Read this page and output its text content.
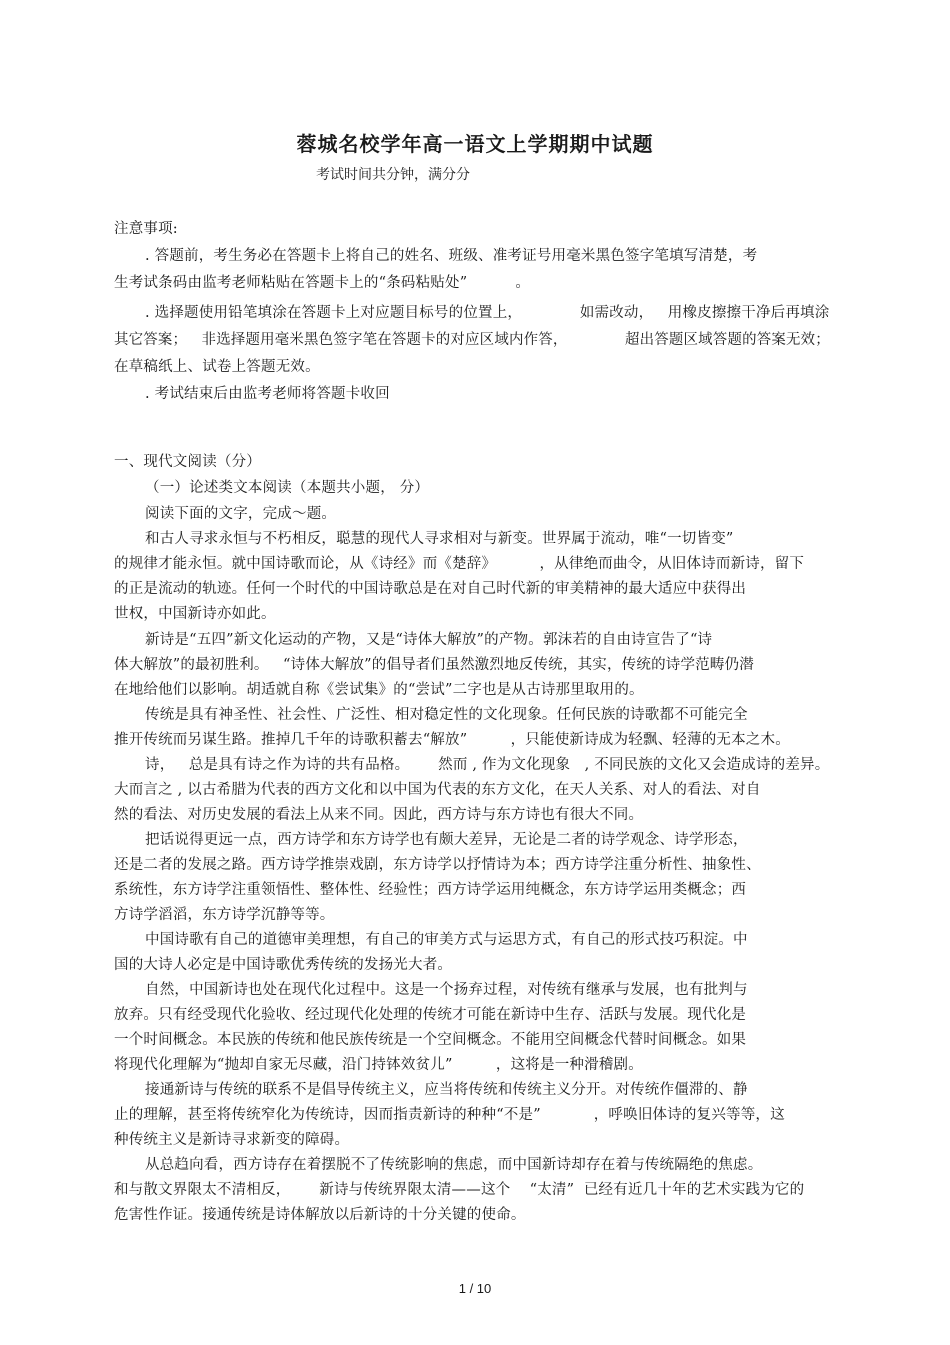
蓉城名校学年高一语文上学期期中试题
考试时间共分钟，满分分
注意事项:
. 答题前，考生务必在答题卡上将自己的姓名、班级、准考证号用毫米黑色签字笔填写清楚，考
生考试条码由监考老师粘贴在答题卡上的“条码粘贴处”          。
. 选择题使用铅笔填涂在答题卡上对应题目标号的位置上，            如需改动，   用橡皮擦擦干净后再填涂
其它答案；   非选择题用毫米黑色签字笔在答题卡的对应区域内作答，            超出答题区域答题的答案无效；
在草稿纸上、试卷上答题无效。
. 考试结束后由监考老师将答题卡收回
一、现代文阅读（分）
（一）论述类文本阅读（本题共小题， 分）
阅读下面的文字，完成～题。
和古人寻求永恒与不朽相反，聪慧的现代人寻求相对与新变。世界属于流动，唯“一切皆变”
的规律才能永恒。就中国诗歌而论，从《诗经》而《楚辞》         ，从律绝而曲令，从旧体诗而新诗，留下
的正是流动的轨迹。任何一个时代的中国诗歌总是在对自己时代新的审美精神的最大适应中获得出
世权，中国新诗亦如此。
新诗是“五四”新文化运动的产物，又是“诗体大解放”的产物。郭沫若的自由诗宣告了“诗
体大解放”的最初胜利。   “诗体大解放”的倡导者们虽然激烈地反传统，其实，传统的诗学范畴仍潜
在地给他们以影响。胡适就自称《尝试集》的“尝试”二字也是从古诗那里取用的。
传统是具有神圣性、社会性、广泛性、相对稳定性的文化现象。任何民族的诗歌都不可能完全
推开传统而另谋生路。推掉几千年的诗歌积蓄去“解放”         ，只能使新诗成为轻飘、轻薄的无本之木。
诗，   总是具有诗之作为诗的共有品格。      然而 , 作为文化现象   , 不同民族的文化又会造成诗的差异。
大而言之 , 以古希腊为代表的西方文化和以中国为代表的东方文化，在天人关系、对人的看法、对自
然的看法、对历史发展的看法上从来不同。因此，西方诗与东方诗也有很大不同。
把话说得更远一点，西方诗学和东方诗学也有颇大差异，无论是二者的诗学观念、诗学形态，
还是二者的发展之路。西方诗学推崇戏剧，东方诗学以抒情诗为本；西方诗学注重分析性、抽象性、
系统性，东方诗学注重领悟性、整体性、经验性；西方诗学运用纯概念，东方诗学运用类概念；西
方诗学滔滔，东方诗学沉静等等。
中国诗歌有自己的道德审美理想，有自己的审美方式与运思方式，有自己的形式技巧积淀。中
国的大诗人必定是中国诗歌优秀传统的发扬光大者。
自然，中国新诗也处在现代化过程中。这是一个扬弃过程，对传统有继承与发展，也有批判与
放弃。只有经受现代化验收、经过现代化处理的传统才可能在新诗中生存、活跃与发展。现代化是
一个时间概念。本民族的传统和他民族传统是一个空间概念。不能用空间概念代替时间概念。如果
将现代化理解为“抛却自家无尽藏，沿门持钵效贫儿”         ，这将是一种滑稽剧。
接通新诗与传统的联系不是倡导传统主义，应当将传统和传统主义分开。对传统作僵滞的、静
止的理解，甚至将传统窄化为传统诗，因而指责新诗的种种“不是”           ，呼唤旧体诗的复兴等等，这
种传统主义是新诗寻求新变的障碍。
从总趋向看，西方诗存在着摆脱不了传统影响的焦虑，而中国新诗却存在着与传统隔绝的焦虑。
和与散文界限太不清相反，      新诗与传统界限太清——这个    “太清”  已经有近几十年的艺术实践为它的
危害性作证。接通传统是诗体解放以后新诗的十分关键的使命。
1 / 10
